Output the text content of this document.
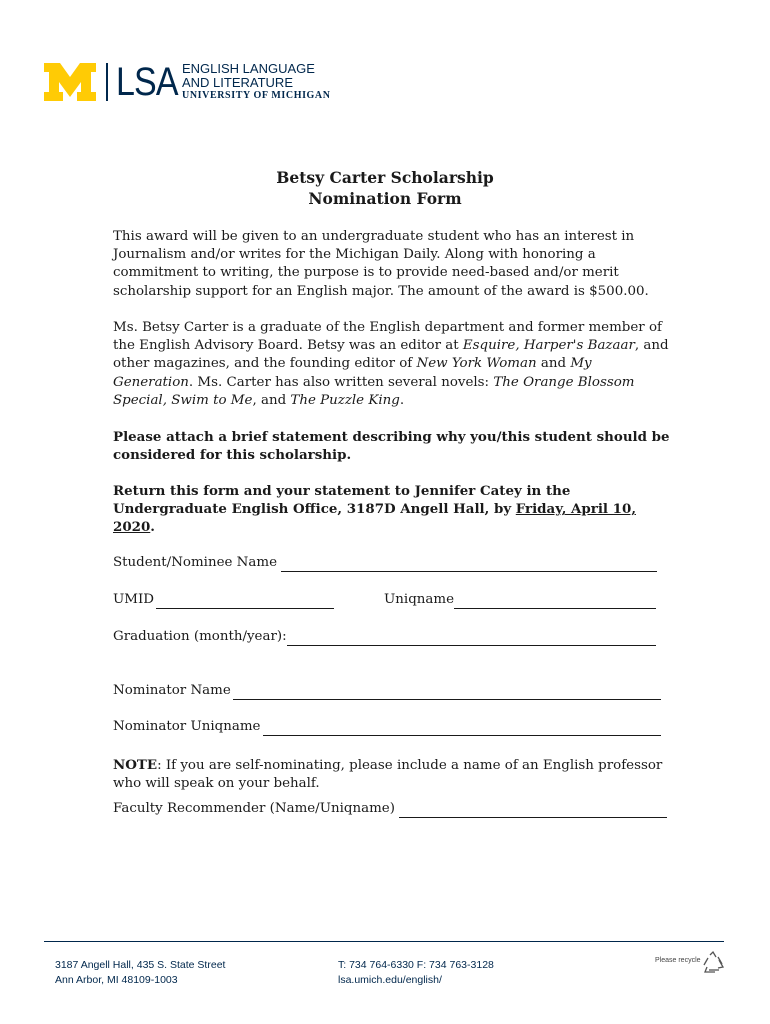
LSA ENGLISH LANGUAGE
AND LITERATURE
UNIVERSITY OF MICHIGAN
Betsy Carter Scholarship
Nomination Form

This award will be given to an undergraduate student who has an interest in Journalism and/or writes for the Michigan Daily. Along with honoring a commitment to writing, the purpose is to provide need-based and/or merit scholarship support for an English major. The amount of the award is $500.00.

Ms. Betsy Carter is a graduate of the English department and former member of the English Advisory Board. Betsy was an editor at Esquire, Harper's Bazaar, and other magazines, and the founding editor of New York Woman and My Generation. Ms. Carter has also written several novels: The Orange Blossom Special, Swim to Me, and The Puzzle King.

Please attach a brief statement describing why you/this student should be considered for this scholarship.

Return this form and your statement to Jennifer Catey in the Undergraduate English Office, 3187D Angell Hall, by Friday, April 10, 2020.

Student/Nominee Name
UMID	Uniqname
Graduation (month/year):
Nominator Name
Nominator Uniqname
NOTE: If you are self-nominating, please include a name of an English professor who will speak on your behalf.
Faculty Recommender (Name/Uniqname)
3187 Angell Hall, 435 S. State Street
Ann Arbor, MI 48109-1003
T: 734 764-6330 F: 734 763-3128
lsa.umich.edu/english/
Please recycle
